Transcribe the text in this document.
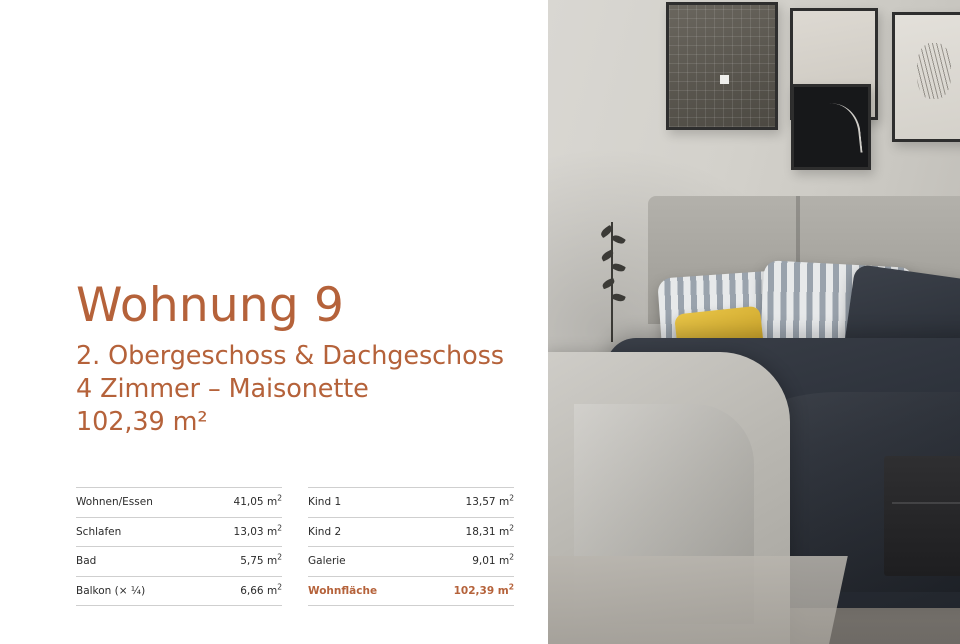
Wohnung 9
2. Obergeschoss & Dachgeschoss
4 Zimmer – Maisonette
102,39 m²
Wohnen/Essen	41,05 $m^2$
Schlafen	13,03 $m^2$
Bad	5,75 $m^2$
Balkon (× ¼)	6,66 $m^2$
Kind 1	13,57 $m^2$
Kind 2	18,31 $m^2$
Galerie	9,01 $m^2$
Wohnfläche	102,39 $m^2$
